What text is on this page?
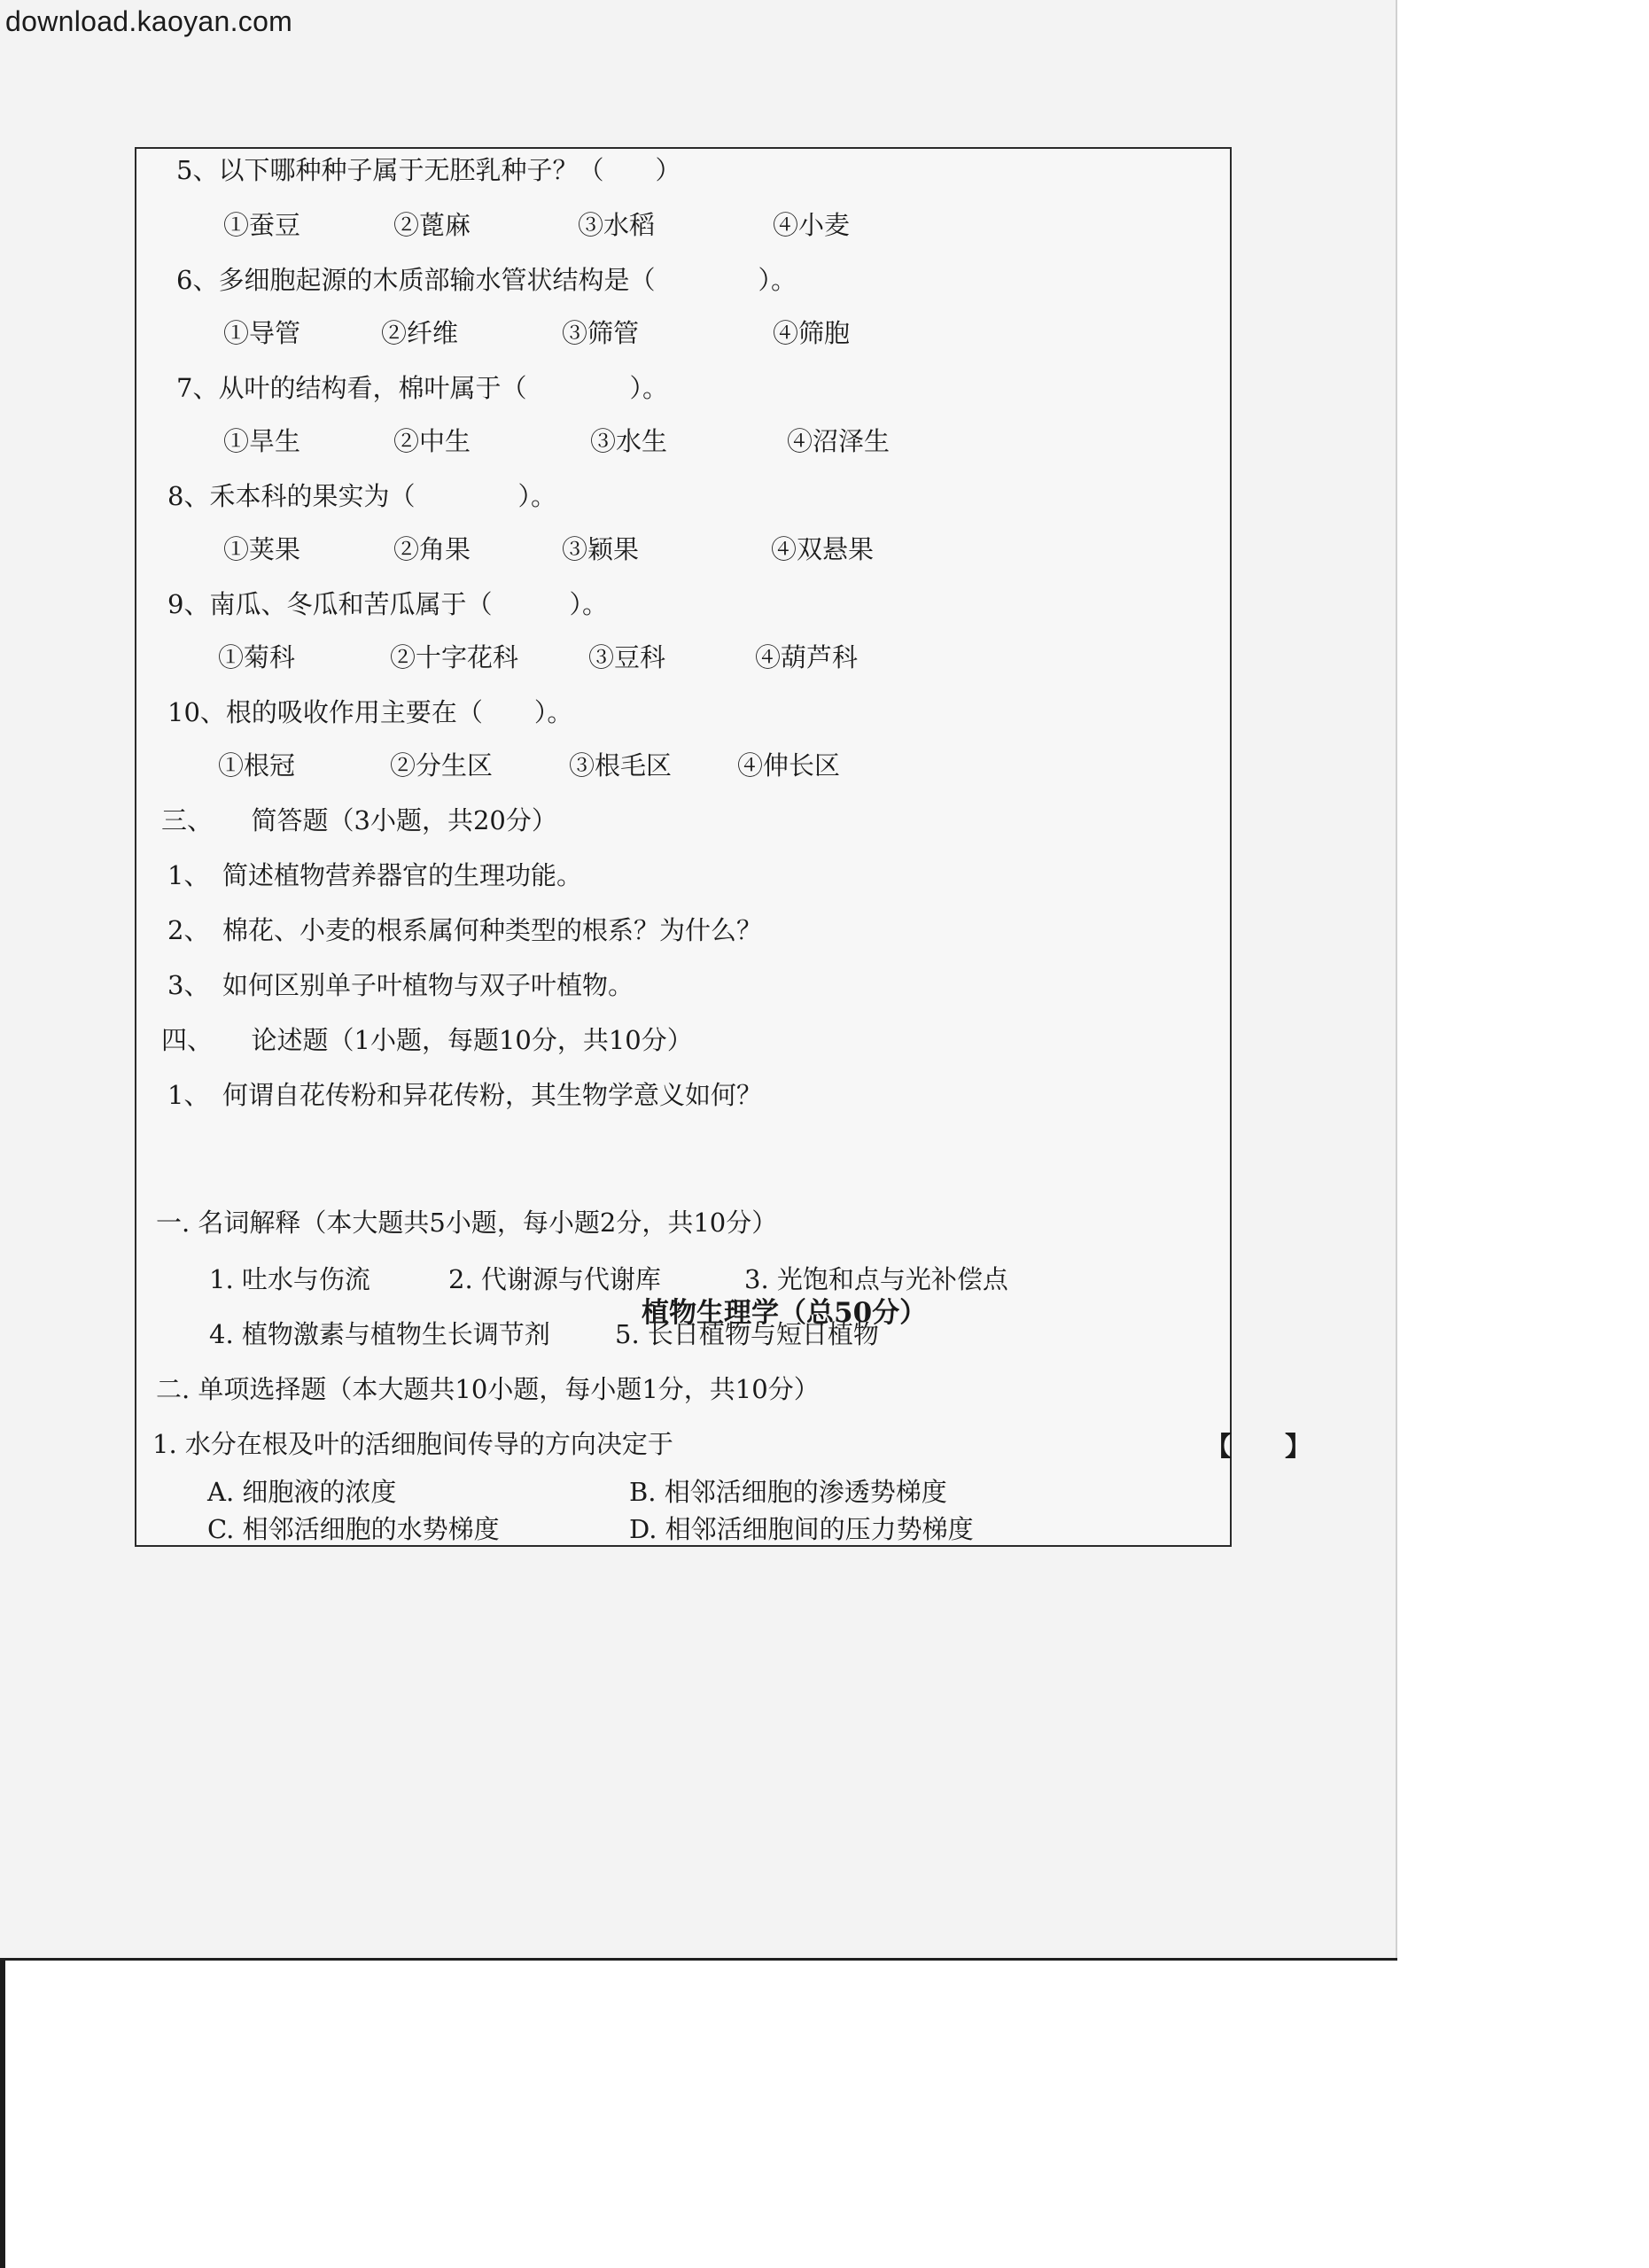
download.kaoyan.com
5、以下哪种种子属于无胚乳种子？（　　）
①蚕豆	②蓖麻	③水稻	④小麦
6、多细胞起源的木质部输水管状结构是（　　　　）。
①导管	②纤维	③筛管	④筛胞
7、从叶的结构看，棉叶属于（　　　　）。
①旱生	②中生	③水生	④沼泽生
8、禾本科的果实为（　　　　）。
①荚果	②角果	③颖果	④双悬果
9、南瓜、冬瓜和苦瓜属于（　　　）。
①菊科	②十字花科	③豆科	④葫芦科
10、根的吸收作用主要在（　　）。
①根冠	②分生区	③根毛区	④伸长区
三、　　简答题（3小题，共20分）
1、　简述植物营养器官的生理功能。
2、　棉花、小麦的根系属何种类型的根系？为什么？
3、　如何区别单子叶植物与双子叶植物。
四、　　论述题（1小题，每题10分，共10分）
1、　何谓自花传粉和异花传粉，其生物学意义如何？
植物生理学（总50分）
一. 名词解释（本大题共5小题，每小题2分，共10分）
1. 吐水与伤流	2. 代谢源与代谢库	3. 光饱和点与光补偿点
4. 植物激素与植物生长调节剂	5. 长日植物与短日植物
二. 单项选择题（本大题共10小题，每小题1分，共10分）
1. 水分在根及叶的活细胞间传导的方向决定于	【　　】
A. 细胞液的浓度	B. 相邻活细胞的渗透势梯度
C. 相邻活细胞的水势梯度	D. 相邻活细胞间的压力势梯度
